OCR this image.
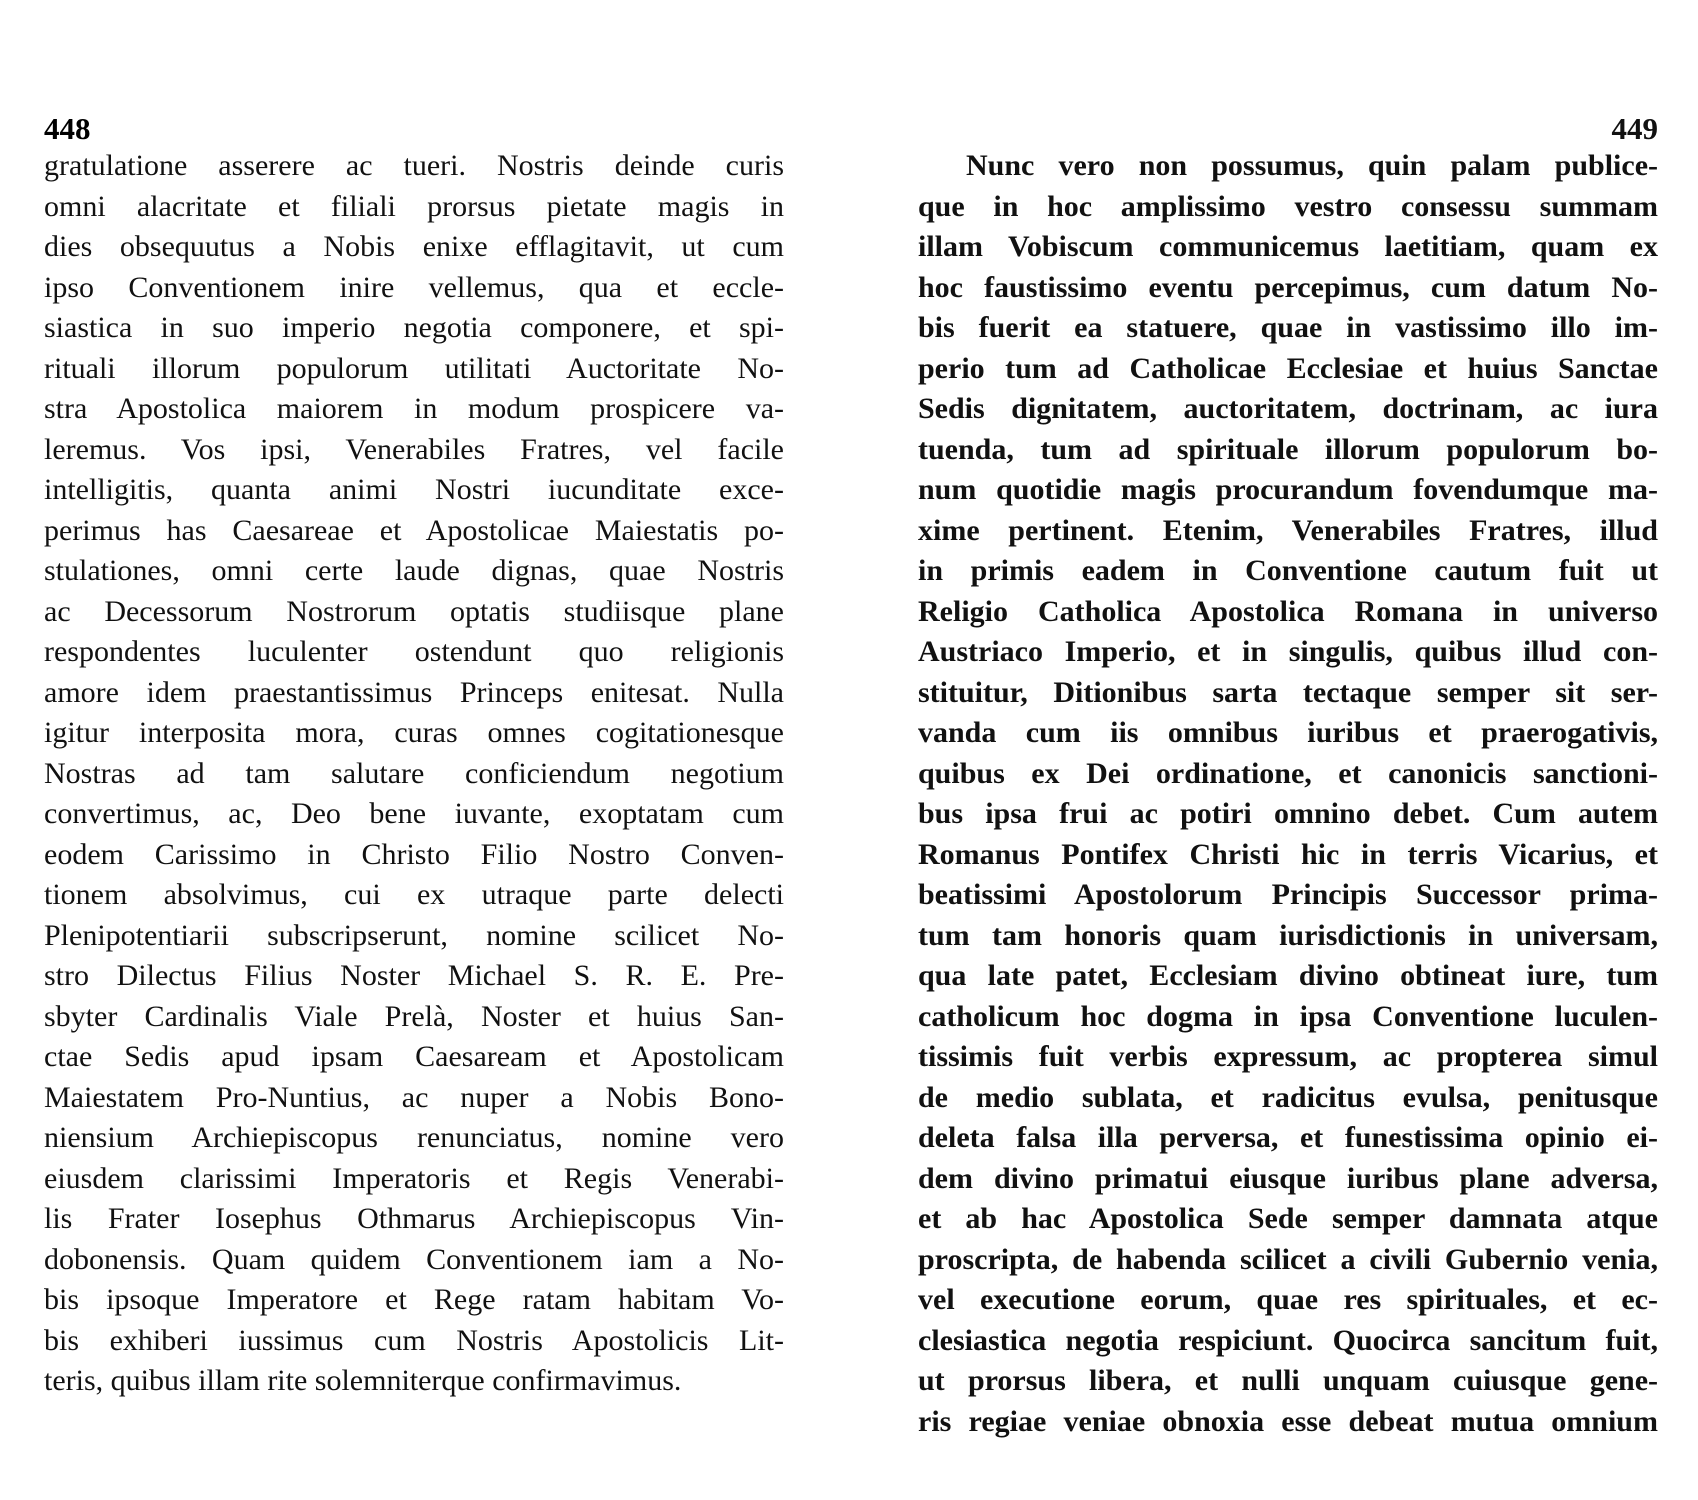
448
gratulatione asserere ac tueri. Nostris deinde curis
omni alacritate et filiali prorsus pietate magis in
dies obsequutus a Nobis enixe efflagitavit, ut cum
ipso Conventionem inire vellemus, qua et eccle-
siastica in suo imperio negotia componere, et spi-
rituali illorum populorum utilitati Auctoritate No-
stra Apostolica maiorem in modum prospicere va-
leremus. Vos ipsi, Venerabiles Fratres, vel facile
intelligitis, quanta animi Nostri iucunditate exce-
perimus has Caesareae et Apostolicae Maiestatis po-
stulationes, omni certe laude dignas, quae Nostris
ac Decessorum Nostrorum optatis studiisque plane
respondentes luculenter ostendunt quo religionis
amore idem praestantissimus Princeps enitesat. Nulla
igitur interposita mora, curas omnes cogitationesque
Nostras ad tam salutare conficiendum negotium
convertimus, ac, Deo bene iuvante, exoptatam cum
eodem Carissimo in Christo Filio Nostro Conven-
tionem absolvimus, cui ex utraque parte delecti
Plenipotentiarii subscripserunt, nomine scilicet No-
stro Dilectus Filius Noster Michael S. R. E. Pre-
sbyter Cardinalis Viale Prelà, Noster et huius San-
ctae Sedis apud ipsam Caesaream et Apostolicam
Maiestatem Pro-Nuntius, ac nuper a Nobis Bono-
niensium Archiepiscopus renunciatus, nomine vero
eiusdem clarissimi Imperatoris et Regis Venerabi-
lis Frater Iosephus Othmarus Archiepiscopus Vin-
dobonensis. Quam quidem Conventionem iam a No-
bis ipsoque Imperatore et Rege ratam habitam Vo-
bis exhiberi iussimus cum Nostris Apostolicis Lit-
teris, quibus illam rite solemniterque confirmavimus.
449
Nunc vero non possumus, quin palam publice-
que in hoc amplissimo vestro consessu summam
illam Vobiscum communicemus laetitiam, quam ex
hoc faustissimo eventu percepimus, cum datum No-
bis fuerit ea statuere, quae in vastissimo illo im-
perio tum ad Catholicae Ecclesiae et huius Sanctae
Sedis dignitatem, auctoritatem, doctrinam, ac iura
tuenda, tum ad spirituale illorum populorum bo-
num quotidie magis procurandum fovendumque ma-
xime pertinent. Etenim, Venerabiles Fratres, illud
in primis eadem in Conventione cautum fuit ut
Religio Catholica Apostolica Romana in universo
Austriaco Imperio, et in singulis, quibus illud con-
stituitur, Ditionibus sarta tectaque semper sit ser-
vanda cum iis omnibus iuribus et praerogativis,
quibus ex Dei ordinatione, et canonicis sanctioni-
bus ipsa frui ac potiri omnino debet. Cum autem
Romanus Pontifex Christi hic in terris Vicarius, et
beatissimi Apostolorum Principis Successor prima-
tum tam honoris quam iurisdictionis in universam,
qua late patet, Ecclesiam divino obtineat iure, tum
catholicum hoc dogma in ipsa Conventione luculen-
tissimis fuit verbis expressum, ac propterea simul
de medio sublata, et radicitus evulsa, penitusque
deleta falsa illa perversa, et funestissima opinio ei-
dem divino primatui eiusque iuribus plane adversa,
et ab hac Apostolica Sede semper damnata atque
proscripta, de habenda scilicet a civili Gubernio venia,
vel executione eorum, quae res spirituales, et ec-
clesiastica negotia respiciunt. Quocirca sancitum fuit,
ut prorsus libera, et nulli unquam cuiusque gene-
ris regiae veniae obnoxia esse debeat mutua omnium
